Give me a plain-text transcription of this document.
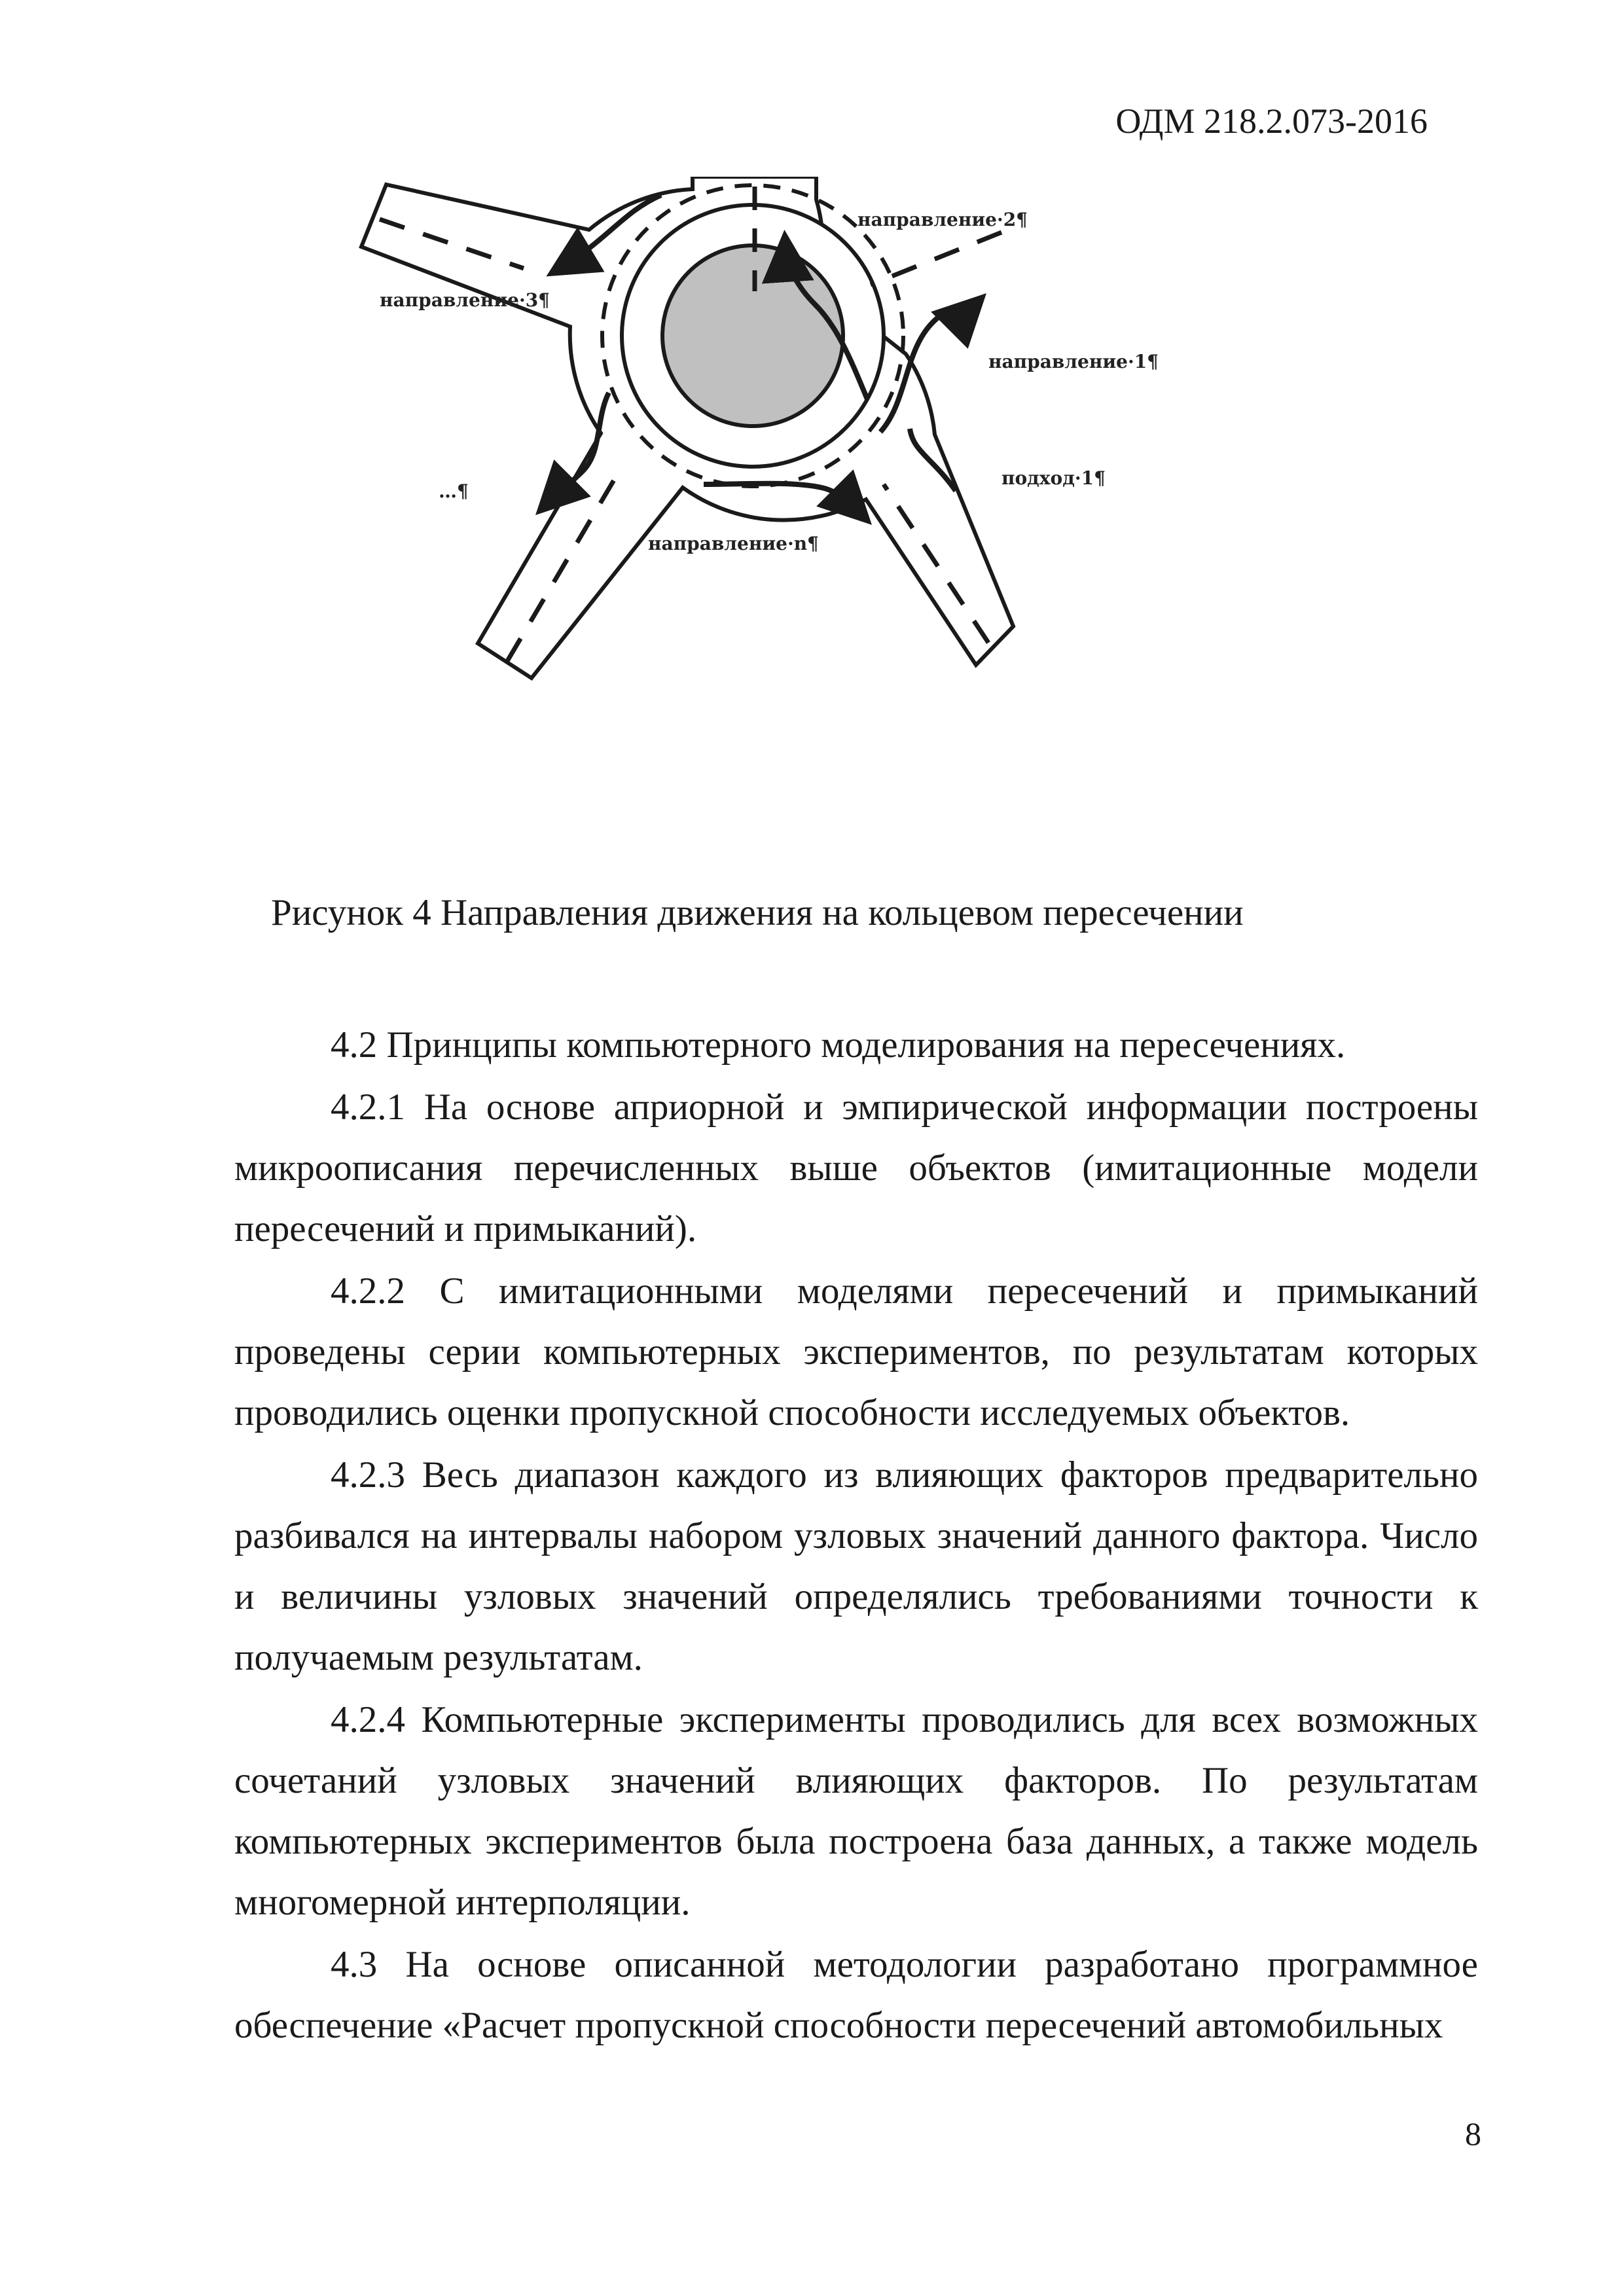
ОДМ 218.2.073-2016
направление·2¶
направление·3¶
направление·1¶
подход·1¶
…¶
направление·n¶
Рисунок 4 Направления движения на кольцевом пересечении

4.2 Принципы компьютерного моделирования на пересечениях.

4.2.1 На основе априорной и эмпирической информации построены микроописания перечисленных выше объектов (имитационные модели пересечений и примыканий).

4.2.2 С имитационными моделями пересечений и примыканий проведены серии компьютерных экспериментов, по результатам которых проводились оценки пропускной способности исследуемых объектов.

4.2.3 Весь диапазон каждого из влияющих факторов предварительно разбивался на интервалы набором узловых значений данного фактора. Число и величины узловых значений определялись требованиями точности к получаемым результатам.

4.2.4 Компьютерные эксперименты проводились для всех возможных сочетаний узловых значений влияющих факторов. По результатам компьютерных экспериментов была построена база данных, а также модель многомерной интерполяции.

4.3 На основе описанной методологии разработано программное обеспечение «Расчет пропускной способности пересечений автомобильных

8
